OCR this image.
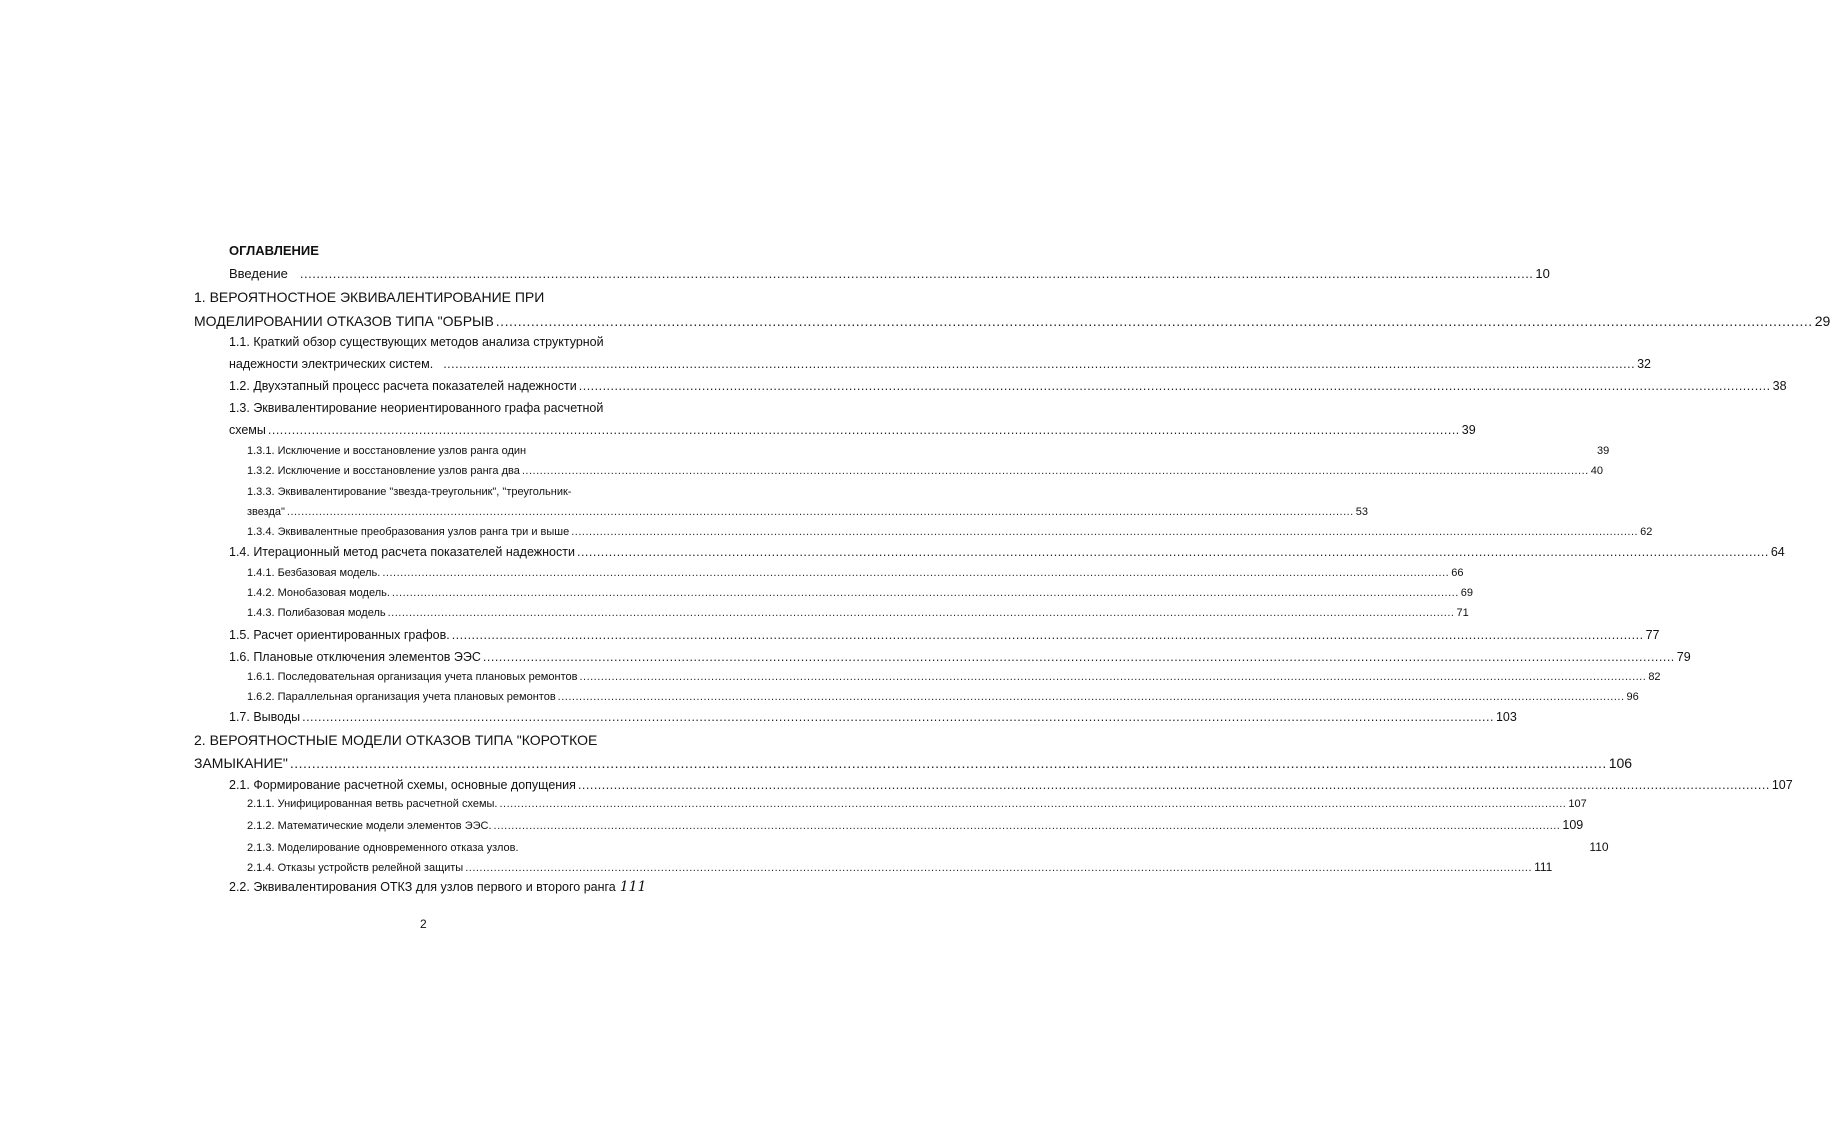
ОГЛАВЛЕНИЕ
Введение ............................................................................................................................................................................................................................................................................................................ 10
1. ВЕРОЯТНОСТНОЕ ЭКВИВАЛЕНТИРОВАНИЕ ПРИ
МОДЕЛИРОВАНИИ ОТКАЗОВ ТИПА "ОБРЫВ ............................................................................................................................................................................................................................................................................................................ 29
1.1. Краткий обзор существующих методов анализа структурной
надежности электрических систем. ............................................................................................................................................................................................................................................................................................................ 32
1.2. Двухэтапный процесс расчета показателей надежности ............................................................................................................................................................................................................................................................................................................ 38
1.3. Эквивалентирование неориентированного графа расчетной
схемы ............................................................................................................................................................................................................................................................................................................ 39
1.3.1. Исключение и восстановление узлов ранга один	39
1.3.2. Исключение и восстановление узлов ранга два ............................................................................................................................................................................................................................................................................................................ 40
1.3.3. Эквивалентирование "звезда-треугольник", "треугольник-
звезда" ............................................................................................................................................................................................................................................................................................................ 53
1.3.4. Эквивалентные преобразования узлов ранга три и выше ............................................................................................................................................................................................................................................................................................................ 62
1.4. Итерационный метод расчета показателей надежности ............................................................................................................................................................................................................................................................................................................ 64
1.4.1. Безбазовая модель. ............................................................................................................................................................................................................................................................................................................ 66
1.4.2. Монобазовая модель. ............................................................................................................................................................................................................................................................................................................ 69
1.4.3. Полибазовая модель ............................................................................................................................................................................................................................................................................................................ 71
1.5. Расчет ориентированных графов. ............................................................................................................................................................................................................................................................................................................ 77
1.6. Плановые отключения элементов ЭЭС ............................................................................................................................................................................................................................................................................................................ 79
1.6.1. Последовательная организация учета плановых ремонтов ............................................................................................................................................................................................................................................................................................................ 82
1.6.2. Параллельная организация учета плановых ремонтов ............................................................................................................................................................................................................................................................................................................ 96
1.7. Выводы ............................................................................................................................................................................................................................................................................................................ 103
2. ВЕРОЯТНОСТНЫЕ МОДЕЛИ ОТКАЗОВ ТИПА "КОРОТКОЕ
ЗАМЫКАНИЕ" ............................................................................................................................................................................................................................................................................................................ 106
2.1. Формирование расчетной схемы, основные допущения ............................................................................................................................................................................................................................................................................................................ 107
2.1.1. Унифицированная ветвь расчетной схемы. ............................................................................................................................................................................................................................................................................................................ 107
2.1.2. Математические модели элементов ЭЭС. ............................................................................................................................................................................................................................................................................................................ 109
2.1.3. Моделирование одновременного отказа узлов.	110
2.1.4. Отказы устройств релейной защиты ............................................................................................................................................................................................................................................................................................................ 111
2.2. Эквивалентирования ОТКЗ для узлов первого и второго ранга 111
2
